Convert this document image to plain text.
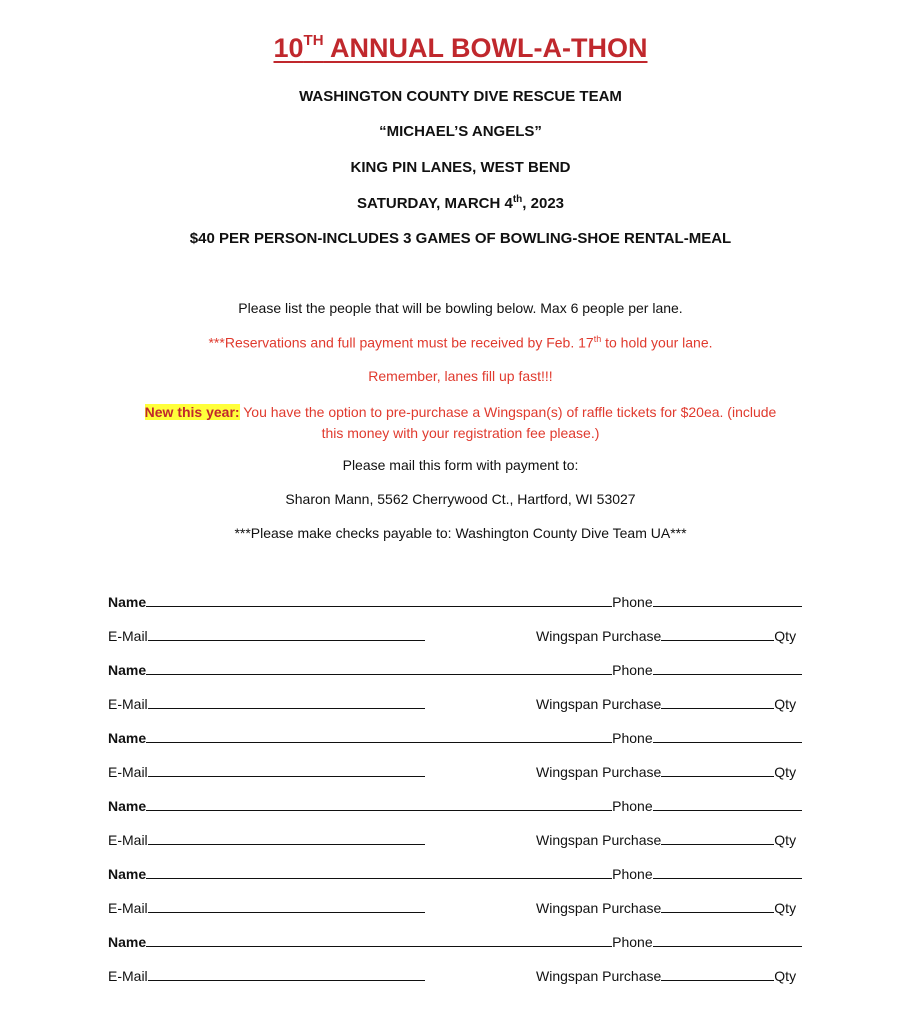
10TH ANNUAL BOWL-A-THON
WASHINGTON COUNTY DIVE RESCUE TEAM
“MICHAEL’S ANGELS”
KING PIN LANES, WEST BEND
SATURDAY, MARCH 4th, 2023
$40 PER PERSON-INCLUDES 3 GAMES OF BOWLING-SHOE RENTAL-MEAL
Please list the people that will be bowling below. Max 6 people per lane.
***Reservations and full payment must be received by Feb. 17th to hold your lane.
Remember, lanes fill up fast!!!
New this year: You have the option to pre-purchase a Wingspan(s) of raffle tickets for $20ea. (include
this money with your registration fee please.)
Please mail this form with payment to:
Sharon Mann, 5562 Cherrywood Ct., Hartford, WI 53027
***Please make checks payable to: Washington County Dive Team UA***
Name	Phone
E-Mail	Wingspan Purchase	Qty
Name	Phone
E-Mail	Wingspan Purchase	Qty
Name	Phone
E-Mail	Wingspan Purchase	Qty
Name	Phone
E-Mail	Wingspan Purchase	Qty
Name	Phone
E-Mail	Wingspan Purchase	Qty
Name	Phone
E-Mail	Wingspan Purchase	Qty
